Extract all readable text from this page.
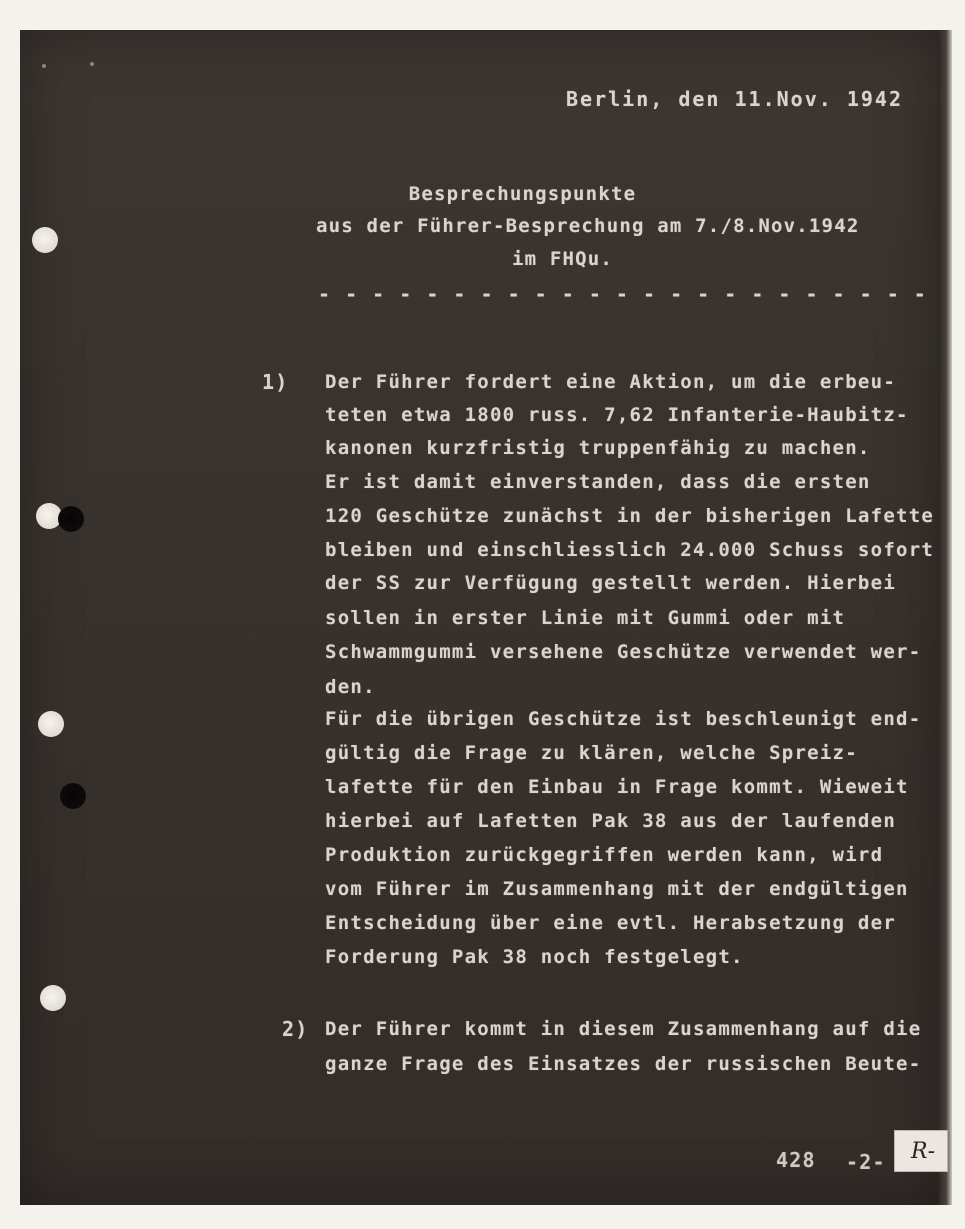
Berlin, den 11.Nov. 1942
Besprechungspunkte
aus der Führer-Besprechung am 7./8.Nov.1942
im FHQu.
- - - - - - - - - - - - - - - - - - - - - - -
1) Der Führer fordert eine Aktion, um die erbeu-
teten etwa 1800 russ. 7,62 Infanterie-Haubitz-
kanonen kurzfristig truppenfähig zu machen.
Er ist damit einverstanden, dass die ersten
120 Geschütze zunächst in der bisherigen Lafette
bleiben und einschliesslich 24.000 Schuss sofort
der SS zur Verfügung gestellt werden. Hierbei
sollen in erster Linie mit Gummi oder mit
Schwammgummi versehene Geschütze verwendet wer-
den.
Für die übrigen Geschütze ist beschleunigt end-
gültig die Frage zu klären, welche Spreiz-
lafette für den Einbau in Frage kommt. Wieweit
hierbei auf Lafetten Pak 38 aus der laufenden
Produktion zurückgegriffen werden kann, wird
vom Führer im Zusammenhang mit der endgültigen
Entscheidung über eine evtl. Herabsetzung der
Forderung Pak 38 noch festgelegt.
2) Der Führer kommt in diesem Zusammenhang auf die
ganze Frage des Einsatzes der russischen Beute-
428 -2- R-
